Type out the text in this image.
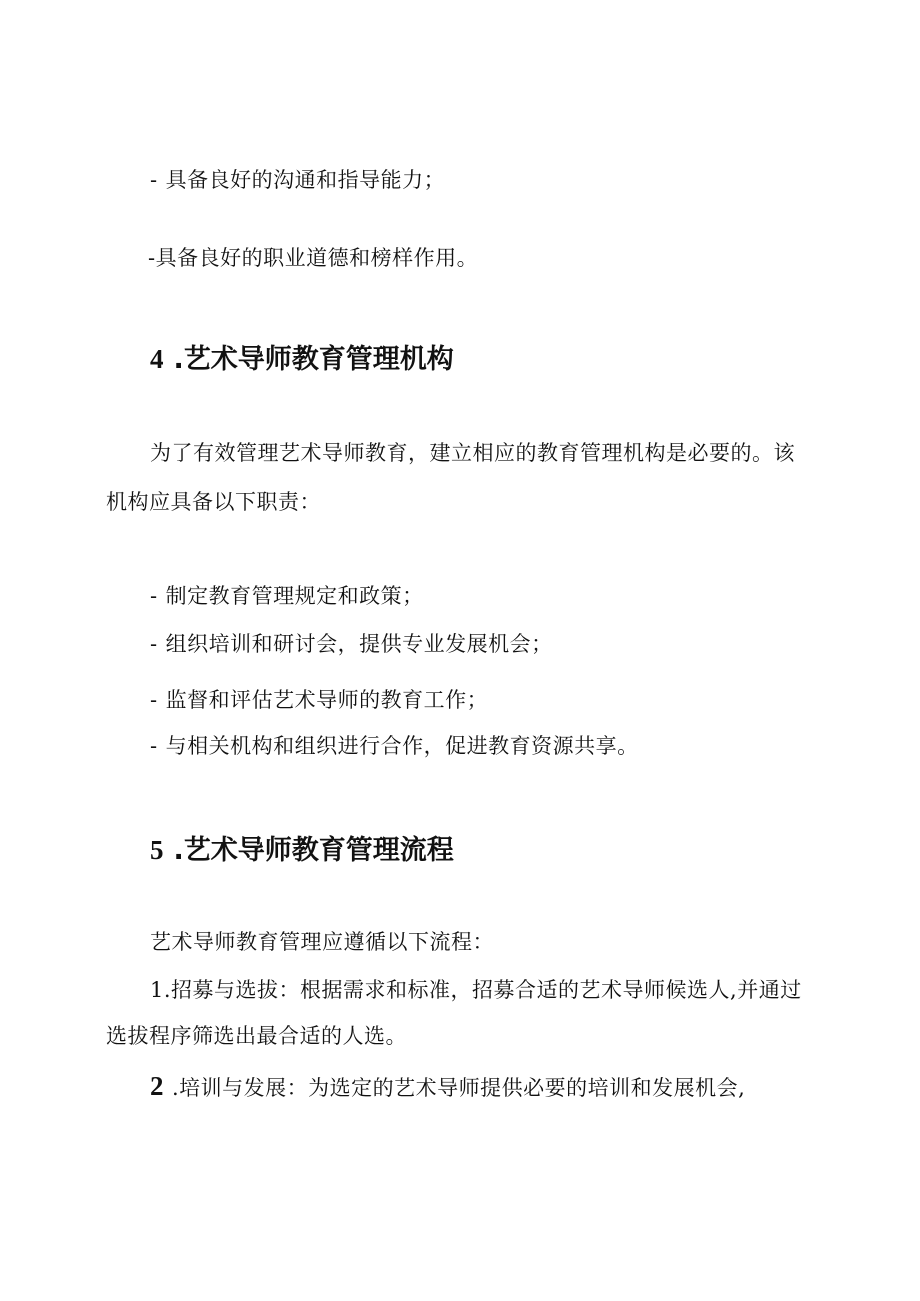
- 具备良好的沟通和指导能力；
-具备良好的职业道德和榜样作用。
4 .艺术导师教育管理机构
为了有效管理艺术导师教育，建立相应的教育管理机构是必要的。该
机构应具备以下职责：
- 制定教育管理规定和政策；
- 组织培训和研讨会，提供专业发展机会；
- 监督和评估艺术导师的教育工作；
- 与相关机构和组织进行合作，促进教育资源共享。
5 .艺术导师教育管理流程
艺术导师教育管理应遵循以下流程：
1.招募与选拔：根据需求和标准，招募合适的艺术导师候选人,并通过
选拔程序筛选出最合适的人选。
2 .培训与发展：为选定的艺术导师提供必要的培训和发展机会,
